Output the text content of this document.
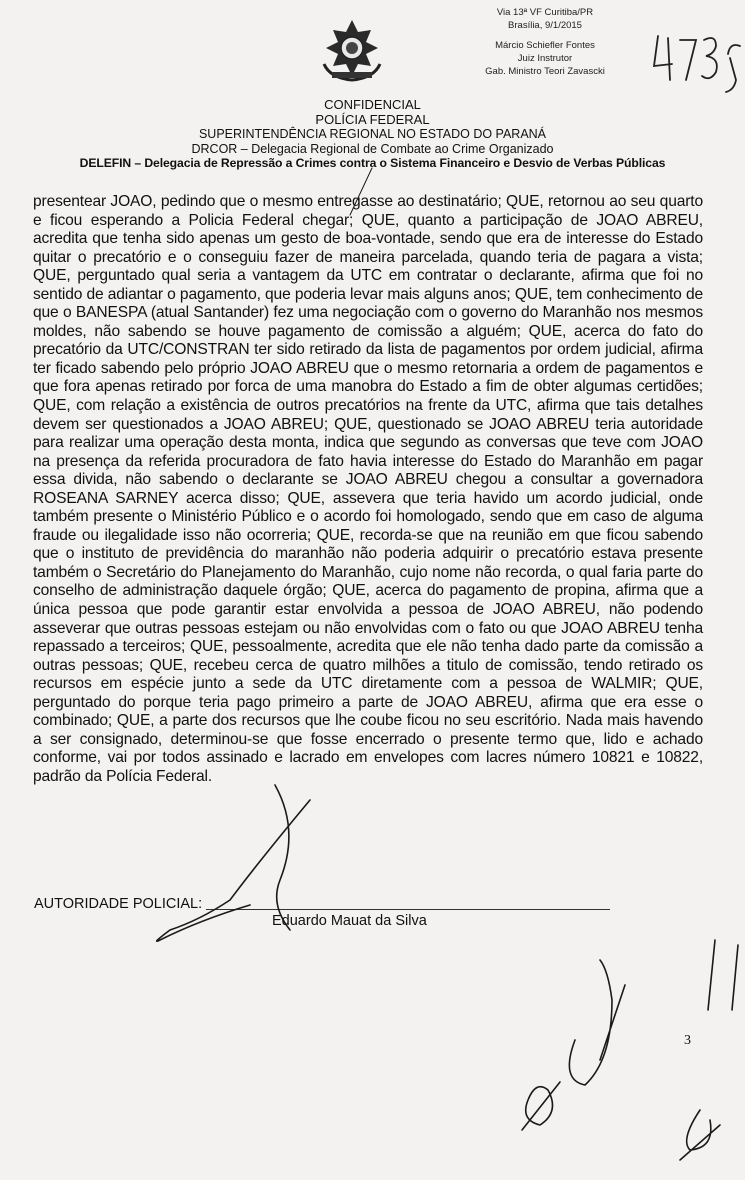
Via 13ª VF Curitiba/PR
Brasília, 9/1/2015
Márcio Schiefler Fontes
Juiz Instrutor
Gab. Ministro Teori Zavascki
CONFIDENCIAL
POLÍCIA FEDERAL
SUPERINTENDÊNCIA REGIONAL NO ESTADO DO PARANÁ
DRCOR – Delegacia Regional de Combate ao Crime Organizado
DELEFIN – Delegacia de Repressão a Crimes contra o Sistema Financeiro e Desvio de Verbas Públicas
presentear JOAO, pedindo que o mesmo entregasse ao destinatário; QUE, retornou ao seu quarto e ficou esperando a Policia Federal chegar; QUE, quanto a participação de JOAO ABREU, acredita que tenha sido apenas um gesto de boa-vontade, sendo que era de interesse do Estado quitar o precatório e o conseguiu fazer de maneira parcelada, quando teria de pagara a vista; QUE, perguntado qual seria a vantagem da UTC em contratar o declarante, afirma que foi no sentido de adiantar o pagamento, que poderia levar mais alguns anos; QUE, tem conhecimento de que o BANESPA (atual Santander) fez uma negociação com o governo do Maranhão nos mesmos moldes, não sabendo se houve pagamento de comissão a alguém; QUE, acerca do fato do precatório da UTC/CONSTRAN ter sido retirado da lista de pagamentos por ordem judicial, afirma ter ficado sabendo pelo próprio JOAO ABREU que o mesmo retornaria a ordem de pagamentos e que fora apenas retirado por forca de uma manobra do Estado a fim de obter algumas certidões; QUE, com relação a existência de outros precatórios na frente da UTC, afirma que tais detalhes devem ser questionados a JOAO ABREU; QUE, questionado se JOAO ABREU teria autoridade para realizar uma operação desta monta, indica que segundo as conversas que teve com JOAO na presença da referida procuradora de fato havia interesse do Estado do Maranhão em pagar essa divida, não sabendo o declarante se JOAO ABREU chegou a consultar a governadora ROSEANA SARNEY acerca disso; QUE, assevera que teria havido um acordo judicial, onde também presente o Ministério Público e o acordo foi homologado, sendo que em caso de alguma fraude ou ilegalidade isso não ocorreria; QUE, recorda-se que na reunião em que ficou sabendo que o instituto de previdência do maranhão não poderia adquirir o precatório estava presente também o Secretário do Planejamento do Maranhão, cujo nome não recorda, o qual faria parte do conselho de administração daquele órgão; QUE, acerca do pagamento de propina, afirma que a única pessoa que pode garantir estar envolvida a pessoa de JOAO ABREU, não podendo asseverar que outras pessoas estejam ou não envolvidas com o fato ou que JOAO ABREU tenha repassado a terceiros; QUE, pessoalmente, acredita que ele não tenha dado parte da comissão a outras pessoas; QUE, recebeu cerca de quatro milhões a titulo de comissão, tendo retirado os recursos em espécie junto a sede da UTC diretamente com a pessoa de WALMIR; QUE, perguntado do porque teria pago primeiro a parte de JOAO ABREU, afirma que era esse o combinado; QUE, a parte dos recursos que lhe coube ficou no seu escritório. Nada mais havendo a ser consignado, determinou-se que fosse encerrado o presente termo que, lido e achado conforme, vai por todos assinado e lacrado em envelopes com lacres número 10821 e 10822, padrão da Polícia Federal.
AUTORIDADE POLICIAL:
Eduardo Mauat da Silva
3
